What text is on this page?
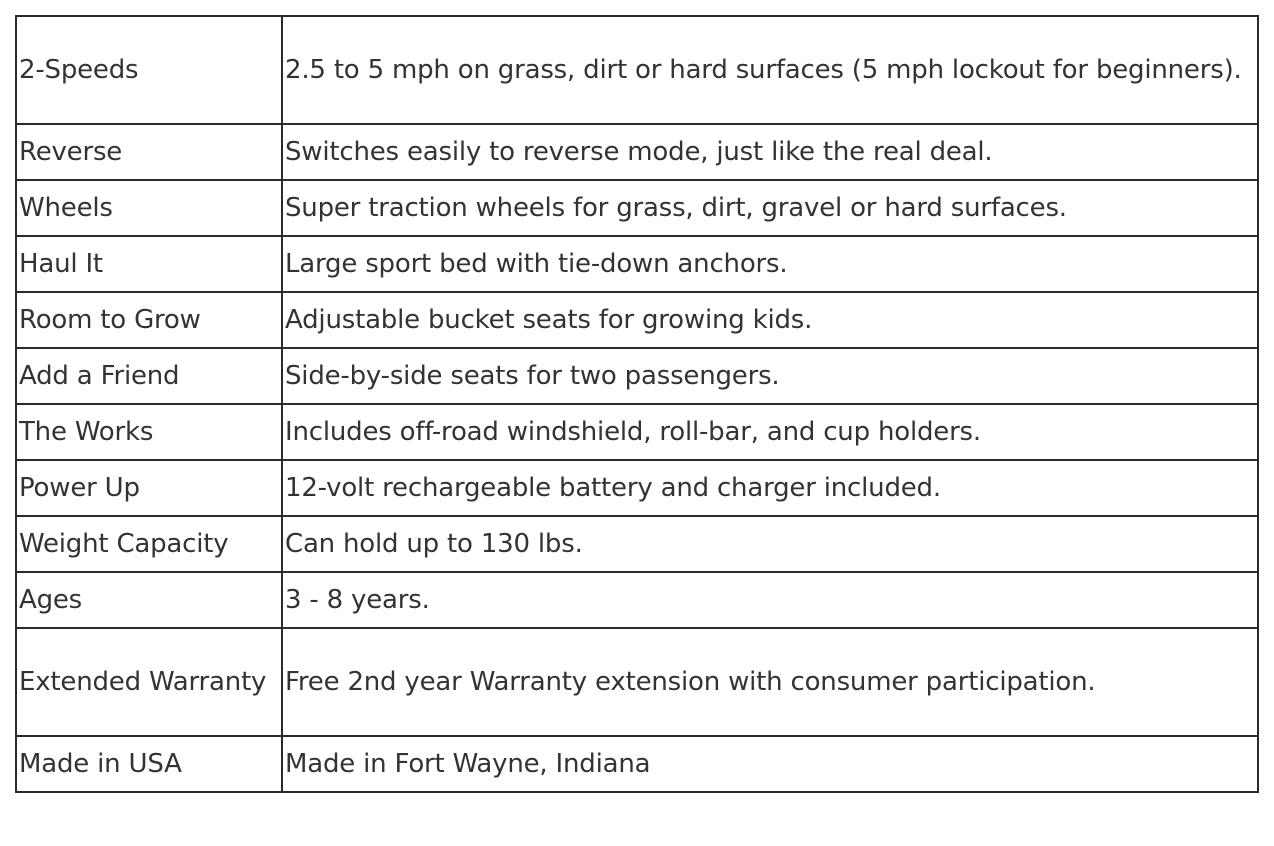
2-Speeds	2.5 to 5 mph on grass, dirt or hard surfaces (5 mph lockout for beginners).
Reverse	Switches easily to reverse mode, just like the real deal.
Wheels	Super traction wheels for grass, dirt, gravel or hard surfaces.
Haul It	Large sport bed with tie-down anchors.
Room to Grow	Adjustable bucket seats for growing kids.
Add a Friend	Side-by-side seats for two passengers.
The Works	Includes off-road windshield, roll-bar, and cup holders.
Power Up	12-volt rechargeable battery and charger included.
Weight Capacity	Can hold up to 130 lbs.
Ages	3 - 8 years.
Extended Warranty	Free 2nd year Warranty extension with consumer participation.
Made in USA	Made in Fort Wayne, Indiana
